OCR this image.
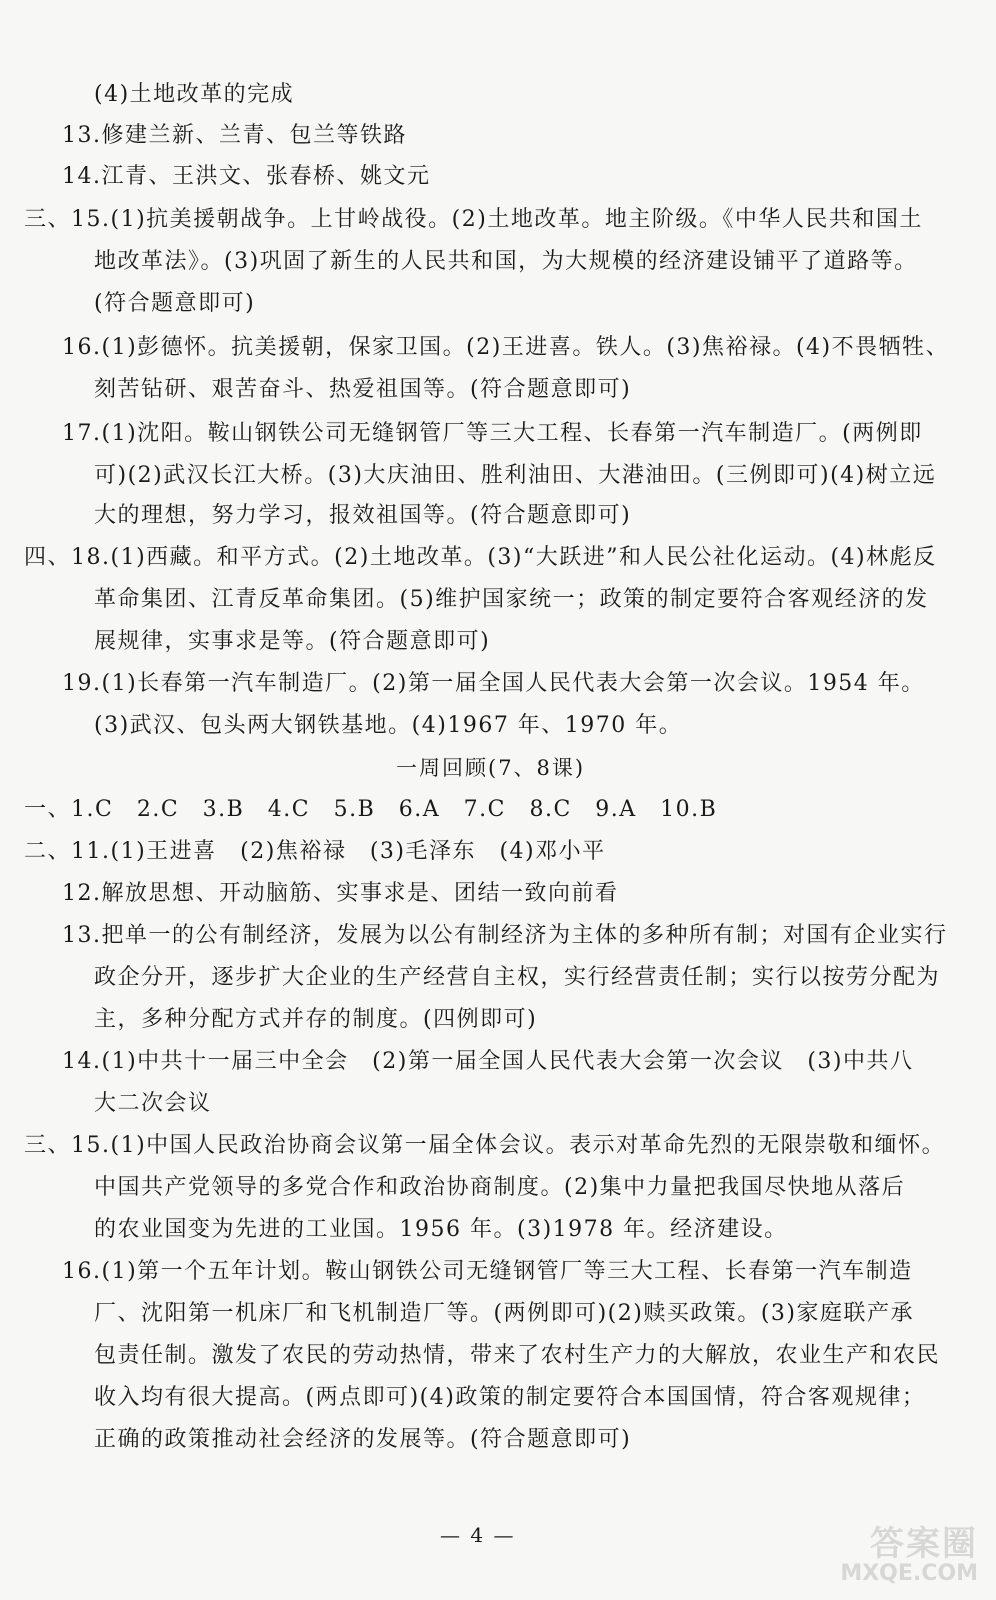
(4)土地改革的完成
13.修建兰新、兰青、包兰等铁路
14.江青、王洪文、张春桥、姚文元
三、15.(1)抗美援朝战争。上甘岭战役。(2)土地改革。地主阶级。《中华人民共和国土
地改革法》。(3)巩固了新生的人民共和国，为大规模的经济建设铺平了道路等。
(符合题意即可)
16.(1)彭德怀。抗美援朝，保家卫国。(2)王进喜。铁人。(3)焦裕禄。(4)不畏牺牲、
刻苦钻研、艰苦奋斗、热爱祖国等。(符合题意即可)
17.(1)沈阳。鞍山钢铁公司无缝钢管厂等三大工程、长春第一汽车制造厂。(两例即
可)(2)武汉长江大桥。(3)大庆油田、胜利油田、大港油田。(三例即可)(4)树立远
大的理想，努力学习，报效祖国等。(符合题意即可)
四、18.(1)西藏。和平方式。(2)土地改革。(3)“大跃进”和人民公社化运动。(4)林彪反
革命集团、江青反革命集团。(5)维护国家统一；政策的制定要符合客观经济的发
展规律，实事求是等。(符合题意即可)
19.(1)长春第一汽车制造厂。(2)第一届全国人民代表大会第一次会议。1954 年。
(3)武汉、包头两大钢铁基地。(4)1967 年、1970 年。
一周回顾(7、8课)
一、1.C　2.C　3.B　4.C　5.B　6.A　7.C　8.C　9.A　10.B
二、11.(1)王进喜　(2)焦裕禄　(3)毛泽东　(4)邓小平
12.解放思想、开动脑筋、实事求是、团结一致向前看
13.把单一的公有制经济，发展为以公有制经济为主体的多种所有制；对国有企业实行
政企分开，逐步扩大企业的生产经营自主权，实行经营责任制；实行以按劳分配为
主，多种分配方式并存的制度。(四例即可)
14.(1)中共十一届三中全会　(2)第一届全国人民代表大会第一次会议　(3)中共八
大二次会议
三、15.(1)中国人民政治协商会议第一届全体会议。表示对革命先烈的无限崇敬和缅怀。
中国共产党领导的多党合作和政治协商制度。(2)集中力量把我国尽快地从落后
的农业国变为先进的工业国。1956 年。(3)1978 年。经济建设。
16.(1)第一个五年计划。鞍山钢铁公司无缝钢管厂等三大工程、长春第一汽车制造
厂、沈阳第一机床厂和飞机制造厂等。(两例即可)(2)赎买政策。(3)家庭联产承
包责任制。激发了农民的劳动热情，带来了农村生产力的大解放，农业生产和农民
收入均有很大提高。(两点即可)(4)政策的制定要符合本国国情，符合客观规律；
正确的政策推动社会经济的发展等。(符合题意即可)
— 4 —	答案圈
MXQE.COM
